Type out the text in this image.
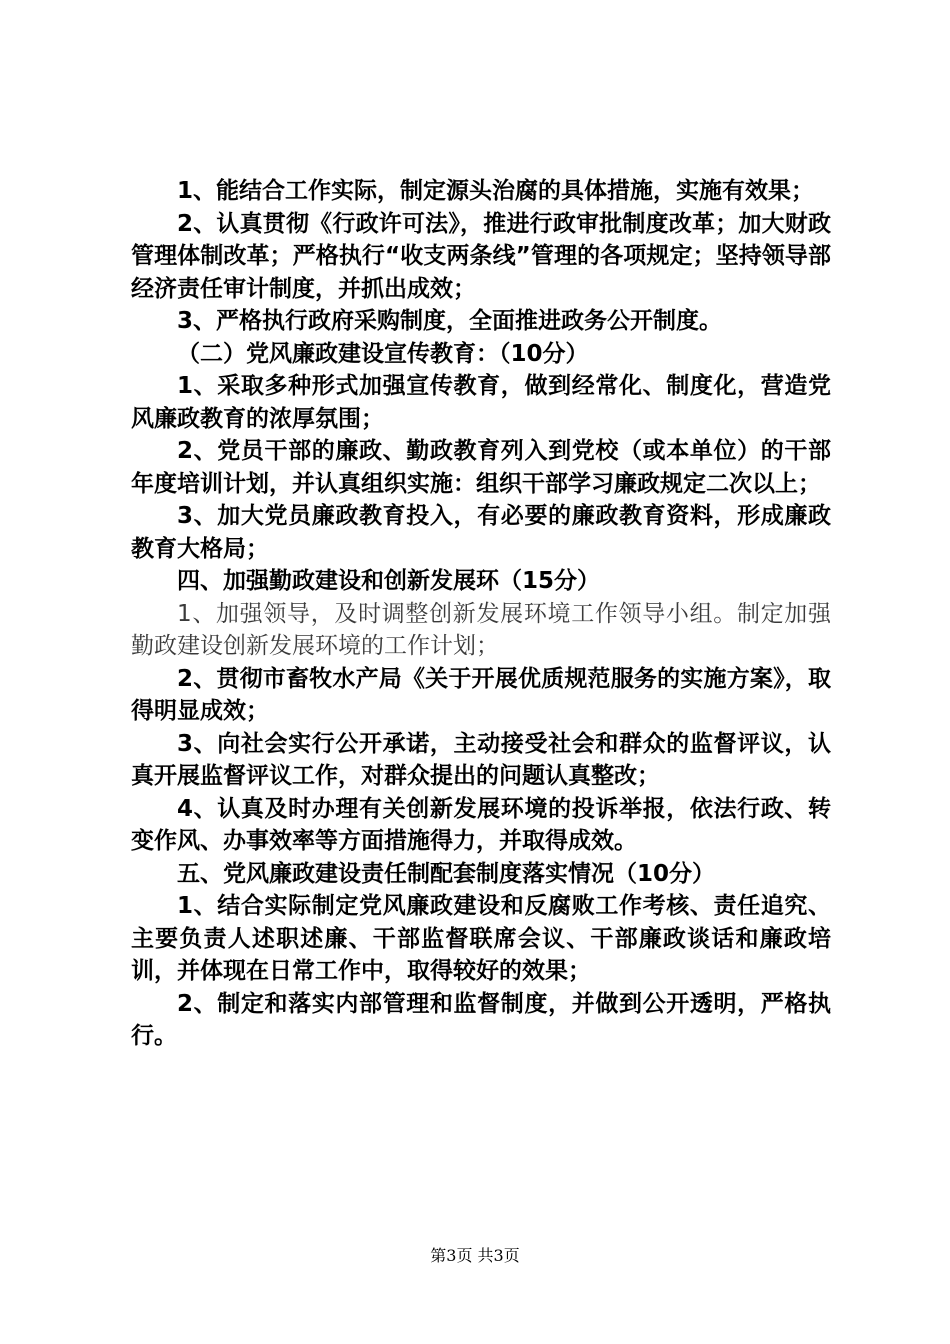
1、能结合工作实际，制定源头治腐的具体措施，实施有效果；

2、认真贯彻《行政许可法》，推进行政审批制度改革；加大财政管理体制改革；严格执行“收支两条线”管理的各项规定；坚持领导部经济责任审计制度，并抓出成效；

3、严格执行政府采购制度，全面推进政务公开制度。

（二）党风廉政建设宣传教育：（10分）

1、采取多种形式加强宣传教育，做到经常化、制度化，营造党风廉政教育的浓厚氛围；

2、党员干部的廉政、勤政教育列入到党校（或本单位）的干部年度培训计划，并认真组织实施：组织干部学习廉政规定二次以上；

3、加大党员廉政教育投入，有必要的廉政教育资料，形成廉政教育大格局；

四、加强勤政建设和创新发展环（15分）

1、加强领导，及时调整创新发展环境工作领导小组。制定加强勤政建设创新发展环境的工作计划；

2、贯彻市畜牧水产局《关于开展优质规范服务的实施方案》，取得明显成效；

3、向社会实行公开承诺，主动接受社会和群众的监督评议，认真开展监督评议工作，对群众提出的问题认真整改；

4、认真及时办理有关创新发展环境的投诉举报，依法行政、转变作风、办事效率等方面措施得力，并取得成效。

五、党风廉政建设责任制配套制度落实情况（10分）

1、结合实际制定党风廉政建设和反腐败工作考核、责任追究、主要负责人述职述廉、干部监督联席会议、干部廉政谈话和廉政培训，并体现在日常工作中，取得较好的效果；

2、制定和落实内部管理和监督制度，并做到公开透明，严格执行。

第3页 共3页
